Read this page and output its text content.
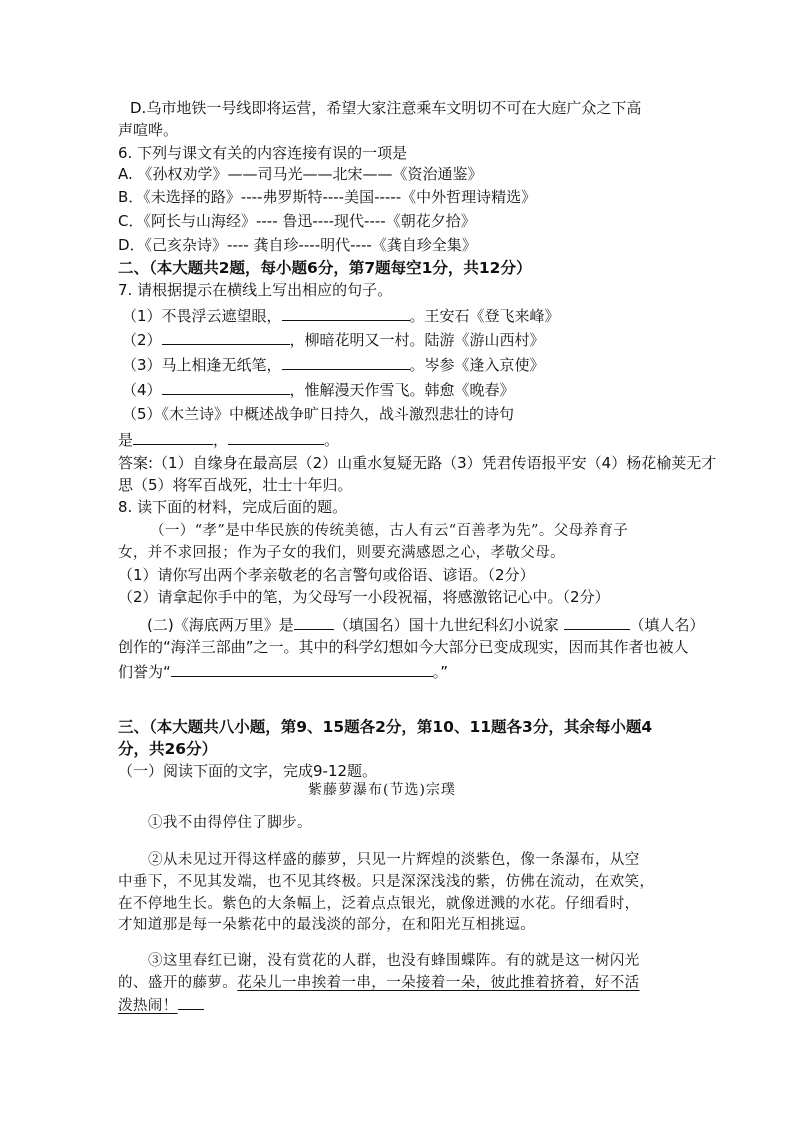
D.乌市地铁一号线即将运营，希望大家注意乘车文明切不可在大庭广众之下高
声喧哗。
6. 下列与课文有关的内容连接有误的一项是
A. 《孙权劝学》——司马光——北宋——《资治通鉴》
B．《未选择的路》----弗罗斯特----美国-----《中外哲理诗精选》
C．《阿长与山海经》---- 鲁迅----现代----《朝花夕拾》
D．《己亥杂诗》---- 龚自珍----明代----《龚自珍全集》
二、（本大题共2题，每小题6分，第7题每空1分，共12分）
7. 请根据提示在横线上写出相应的句子。
（1）不畏浮云遮望眼，	。王安石《登飞来峰》
（2）	，柳暗花明又一村。陆游《游山西村》
（3）马上相逢无纸笔，	。岑参《逢入京使》
（4）	，惟解漫天作雪飞。韩愈《晚春》
（5）《木兰诗》中概述战争旷日持久，战斗激烈悲壮的诗句
是	，	。
答案:（1）自缘身在最高层（2）山重水复疑无路（3）凭君传语报平安（4）杨花榆荚无才
思（5）将军百战死，壮士十年归。
8. 读下面的材料，完成后面的题。
（一）“孝”是中华民族的传统美德，古人有云“百善孝为先”。父母养育子
女，并不求回报；作为子女的我们，则要充满感恩之心，孝敬父母。
（1）请你写出两个孝亲敬老的名言警句或俗语、谚语。（2分）
（2）请拿起你手中的笔，为父母写一小段祝福，将感激铭记心中。（2分）
(二)《海底两万里》是	（填国名）国十九世纪科幻小说家	（填人名）
创作的“海洋三部曲”之一。其中的科学幻想如今大部分已变成现实，因而其作者也被人
们誉为“	。”
三、（本大题共八小题，第9、15题各2分，第10、11题各3分，其余每小题4
分，共26分）
（一）阅读下面的文字，完成9-12题。
紫藤萝瀑布(节选)宗璞
①我不由得停住了脚步。
②从未见过开得这样盛的藤萝，只见一片辉煌的淡紫色，像一条瀑布，从空
中垂下，不见其发端，也不见其终极。只是深深浅浅的紫，仿佛在流动，在欢笑，
在不停地生长。紫色的大条幅上，泛着点点银光，就像迸溅的水花。仔细看时，
才知道那是每一朵紫花中的最浅淡的部分，在和阳光互相挑逗。
③这里春红已谢，没有赏花的人群，也没有蜂围蝶阵。有的就是这一树闪光
的、盛开的藤萝。花朵儿一串挨着一串，一朵接着一朵，彼此推着挤着，好不活
泼热闹！
